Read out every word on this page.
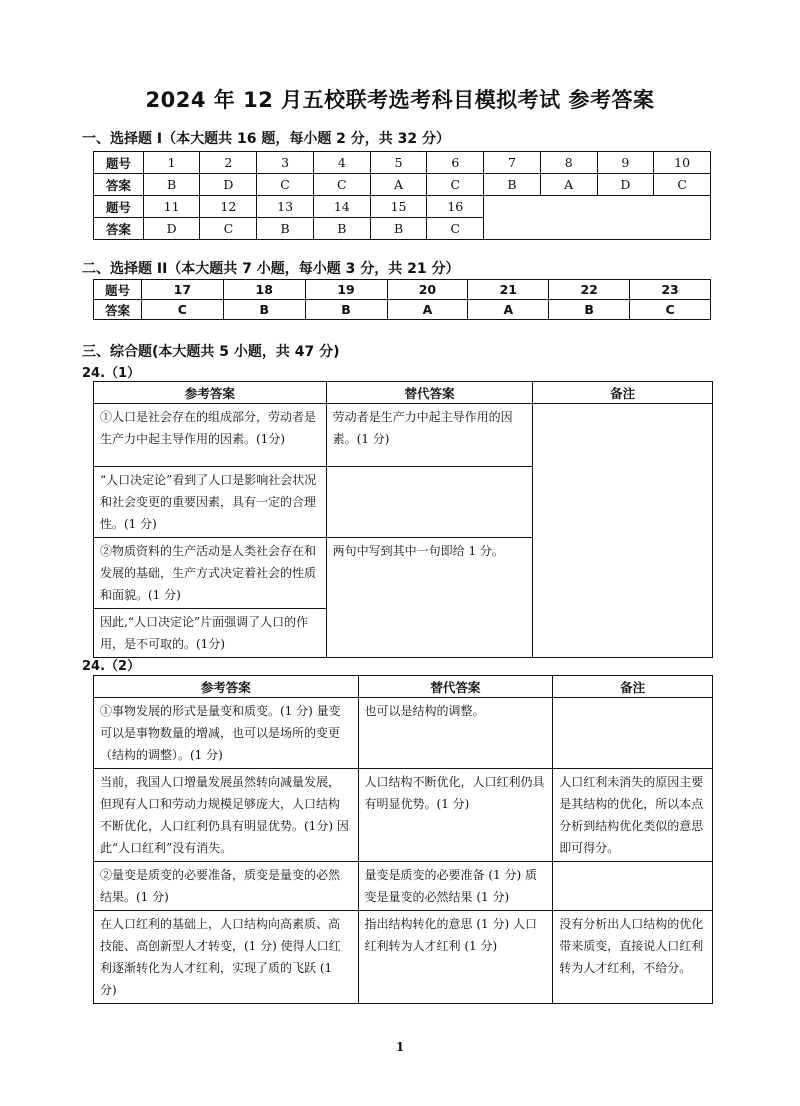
2024 年 12 月五校联考选考科目模拟考试 参考答案
一、选择题 I（本大题共 16 题，每小题 2 分，共 32 分）
题号	1	2	3	4	5	6	7	8	9	10
答案	B	D	C	C	A	C	B	A	D	C
题号	11	12	13	14	15	16				
答案	D	C	B	B	B	C				
二、选择题 II（本大题共 7 小题，每小题 3 分，共 21 分）
题号	17	18	19	20	21	22	23
答案	C	B	B	A	A	B	C
三、综合题(本大题共 5 小题，共 47 分)
24.（1）
参考答案	替代答案	备注
①人口是社会存在的组成部分，劳动者是生产力中起主导作用的因素。(1分)	劳动者是生产力中起主导作用的因素。(1 分)	
“人口决定论”看到了人口是影响社会状况和社会变更的重要因素，具有一定的合理性。(1 分)		
②物质资料的生产活动是人类社会存在和发展的基础，生产方式决定着社会的性质和面貌。(1 分)	两句中写到其中一句即给 1 分。	
因此,“人口决定论”片面强调了人口的作用，是不可取的。(1分)		
24.（2）
参考答案	替代答案	备注
①事物发展的形式是量变和质变。(1 分) 量变可以是事物数量的增减，也可以是场所的变更（结构的调整）。(1 分)	也可以是结构的调整。	
当前，我国人口增量发展虽然转向减量发展，但现有人口和劳动力规模足够庞大，人口结构不断优化，人口红利仍具有明显优势。(1分) 因此“人口红利”没有消失。	人口结构不断优化，人口红利仍具有明显优势。(1 分)	人口红利未消失的原因主要是其结构的优化，所以本点分析到结构优化类似的意思即可得分。
②量变是质变的必要准备，质变是量变的必然结果。(1 分)	量变是质变的必要准备 (1 分) 质变是量变的必然结果 (1 分)	
在人口红利的基础上，人口结构向高素质、高技能、高创新型人才转变，(1 分) 使得人口红利逐渐转化为人才红利，实现了质的飞跃 (1 分)	指出结构转化的意思 (1 分) 人口红利转为人才红利 (1 分)	没有分析出人口结构的优化带来质变，直接说人口红利转为人才红利，不给分。
1
